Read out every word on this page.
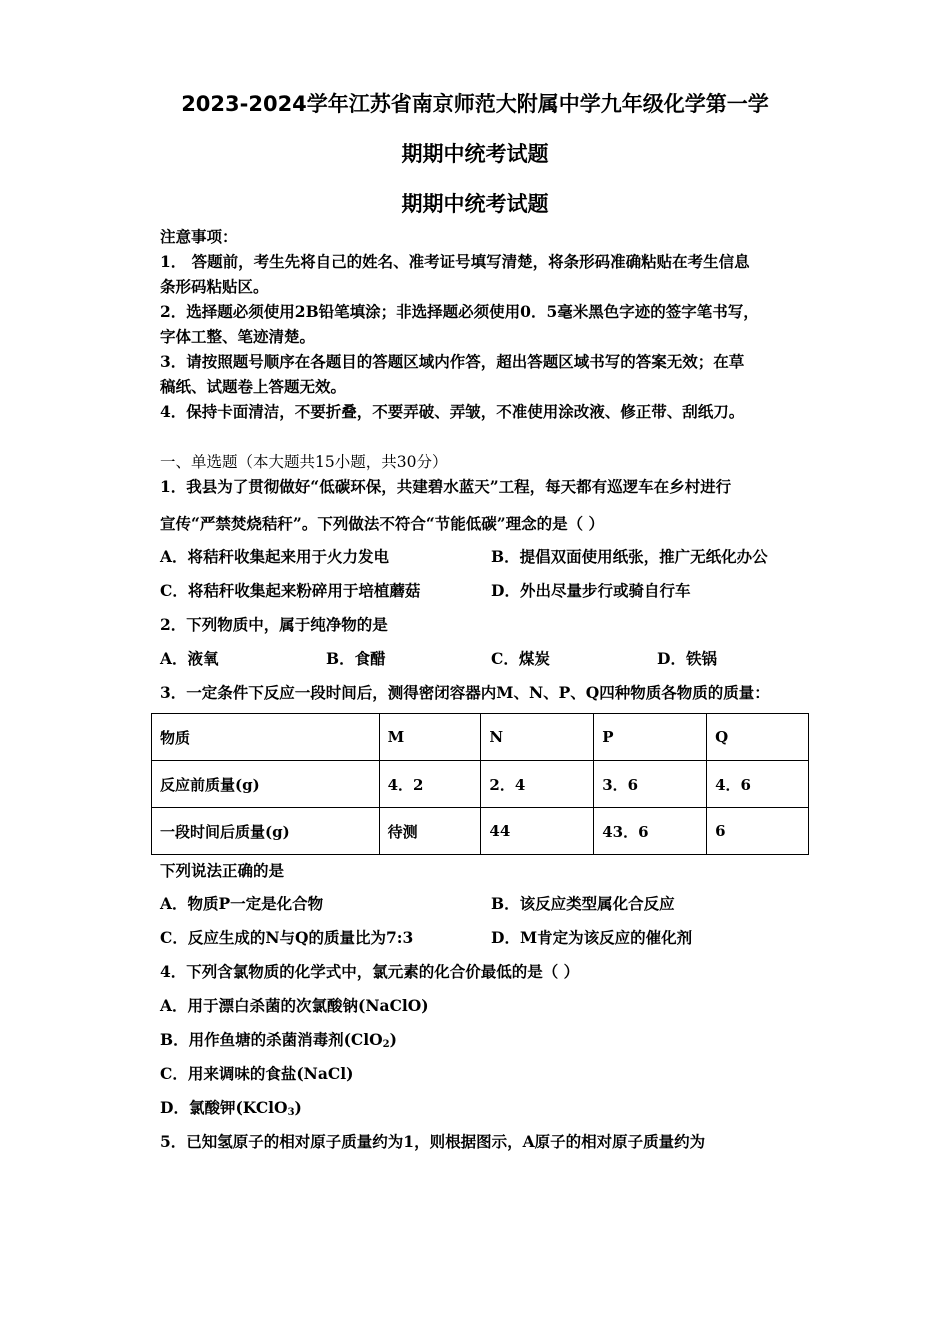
2023-2024学年江苏省南京师范大附属中学九年级化学第一学
期期中统考试题
期期中统考试题
注意事项：
1． 答题前，考生先将自己的姓名、准考证号填写清楚，将条形码准确粘贴在考生信息
条形码粘贴区。
2．选择题必须使用2B铅笔填涂；非选择题必须使用0．5毫米黑色字迹的签字笔书写，
字体工整、笔迹清楚。
3．请按照题号顺序在各题目的答题区域内作答，超出答题区域书写的答案无效；在草
稿纸、试题卷上答题无效。
4．保持卡面清洁，不要折叠，不要弄破、弄皱，不准使用涂改液、修正带、刮纸刀。
一、单选题（本大题共15小题，共30分）
1．我县为了贯彻做好“低碳环保，共建碧水蓝天”工程，每天都有巡逻车在乡村进行
宣传“严禁焚烧秸秆”。下列做法不符合“节能低碳”理念的是（ ）
A．将秸秆收集起来用于火力发电	B．提倡双面使用纸张，推广无纸化办公
C．将秸秆收集起来粉碎用于培植蘑菇	D．外出尽量步行或骑自行车
2．下列物质中，属于纯净物的是
A．液氧	B．食醋	C．煤炭	D．铁锅
3．一定条件下反应一段时间后，测得密闭容器内M、N、P、Q四种物质各物质的质量：
物质	M	N	P	Q
反应前质量(g)	4．2	2．4	3．6	4．6
一段时间后质量(g)	待测	44	43．6	6
下列说法正确的是
A．物质P一定是化合物	B．该反应类型属化合反应
C．反应生成的N与Q的质量比为7:3	D．M肯定为该反应的催化剂
4．下列含氯物质的化学式中，氯元素的化合价最低的是（ ）
A．用于漂白杀菌的次氯酸钠(NaClO)
B．用作鱼塘的杀菌消毒剂(ClO$_2$)
C．用来调味的食盐(NaCl)
D．氯酸钾(KClO$_3$)
5．已知氢原子的相对原子质量约为1，则根据图示，A原子的相对原子质量约为
